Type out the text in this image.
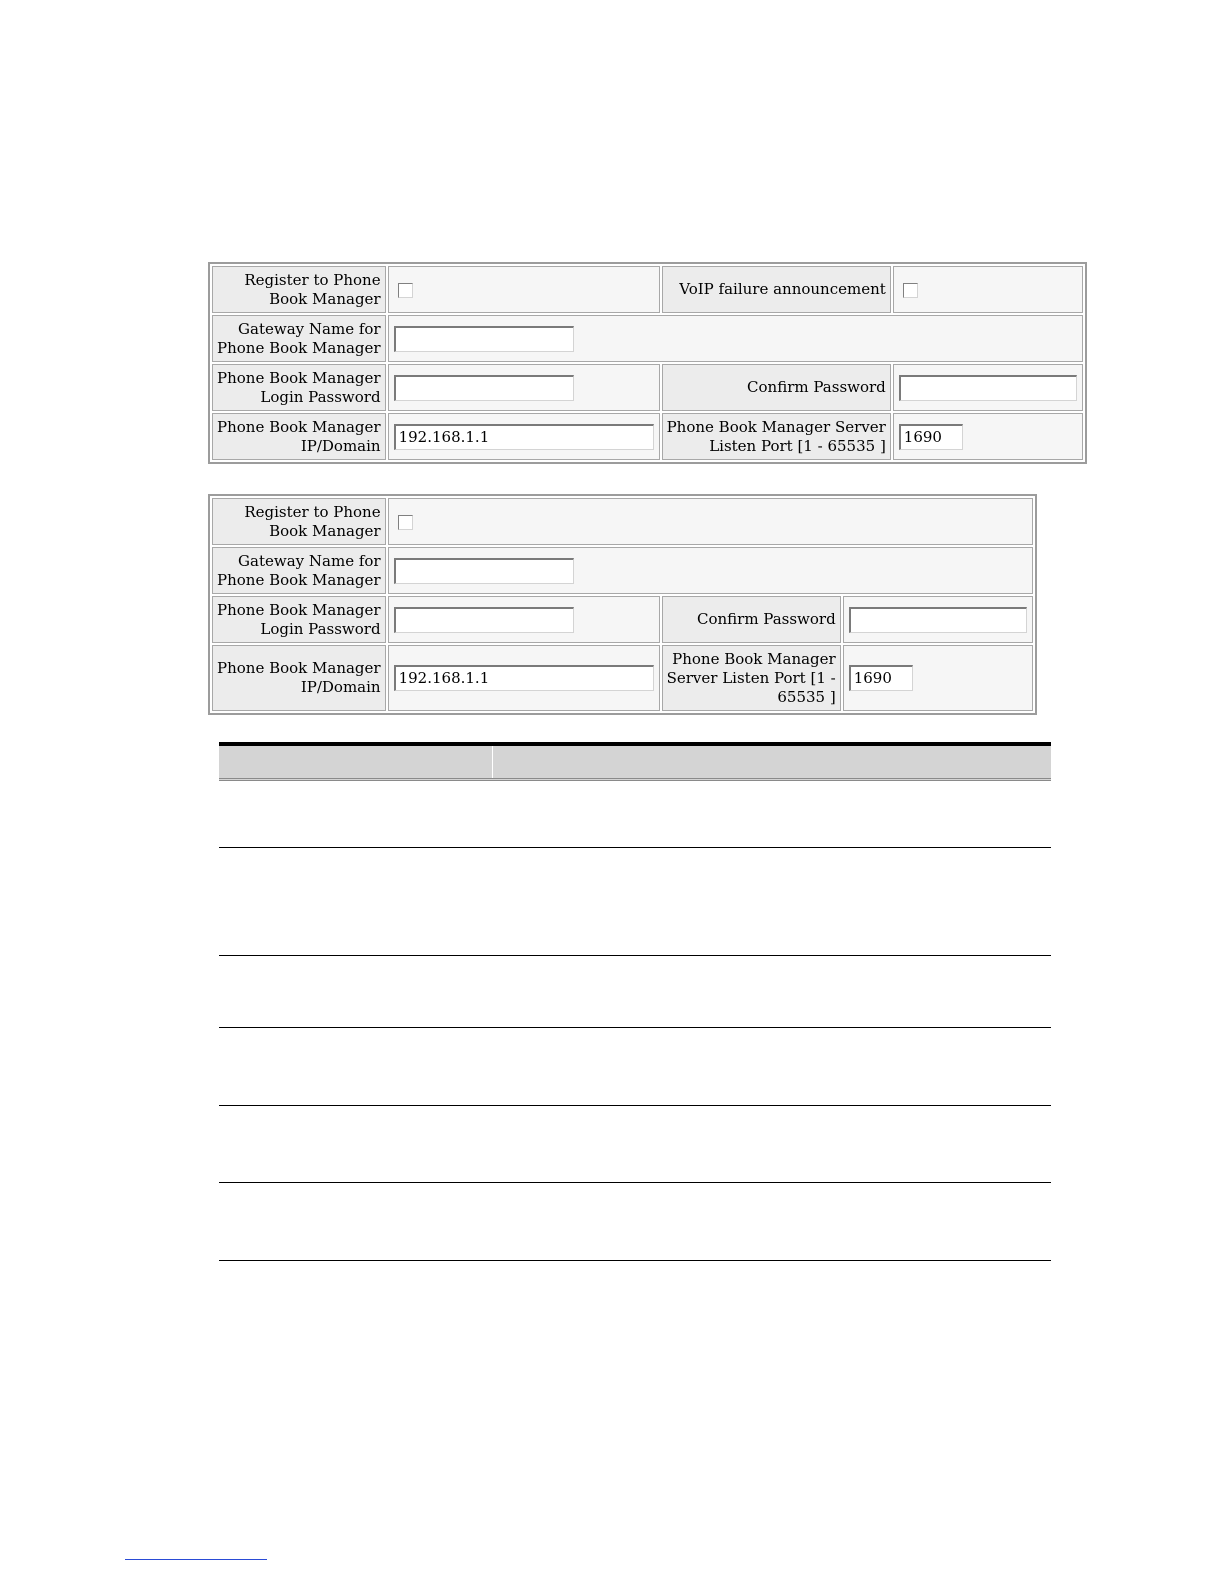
Register to Phone
Book Manager		VoIP failure announcement	
Gateway Name for
Phone Book Manager			
Phone Book Manager
Login Password		Confirm Password	
Phone Book Manager
IP/Domain	192.168.1.1	Phone Book Manager Server
Listen Port [1 - 65535 ]	1690
Register to Phone
Book Manager			
Gateway Name for
Phone Book Manager			
Phone Book Manager
Login Password		Confirm Password	
Phone Book Manager
IP/Domain	192.168.1.1	Phone Book Manager
Server Listen Port [1 -
65535 ]	1690
